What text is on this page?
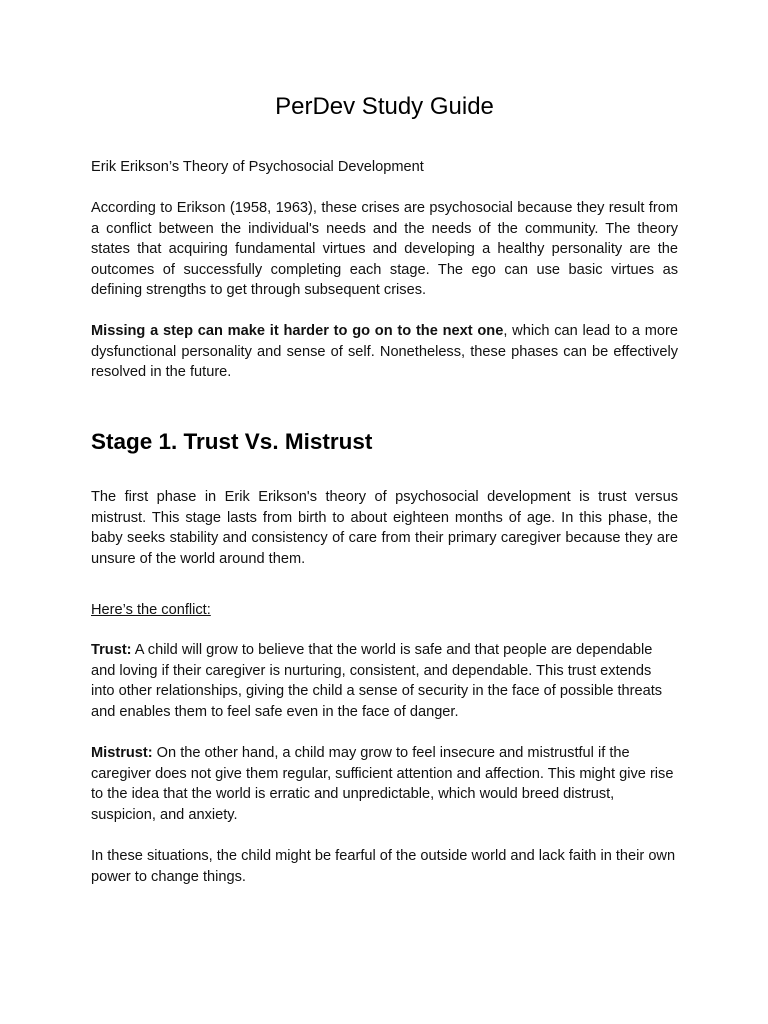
PerDev Study Guide

Erik Erikson’s Theory of Psychosocial Development

According to Erikson (1958, 1963), these crises are psychosocial because they result from a conflict between the individual's needs and the needs of the community. The theory states that acquiring fundamental virtues and developing a healthy personality are the outcomes of successfully completing each stage. The ego can use basic virtues as defining strengths to get through subsequent crises.

Missing a step can make it harder to go on to the next one, which can lead to a more dysfunctional personality and sense of self. Nonetheless, these phases can be effectively resolved in the future.

Stage 1. Trust Vs. Mistrust

The first phase in Erik Erikson's theory of psychosocial development is trust versus mistrust. This stage lasts from birth to about eighteen months of age. In this phase, the baby seeks stability and consistency of care from their primary caregiver because they are unsure of the world around them.

Here’s the conflict:

Trust: A child will grow to believe that the world is safe and that people are dependable and loving if their caregiver is nurturing, consistent, and dependable. This trust extends into other relationships, giving the child a sense of security in the face of possible threats and enables them to feel safe even in the face of danger.

Mistrust: On the other hand, a child may grow to feel insecure and mistrustful if the caregiver does not give them regular, sufficient attention and affection. This might give rise to the idea that the world is erratic and unpredictable, which would breed distrust, suspicion, and anxiety.

In these situations, the child might be fearful of the outside world and lack faith in their own power to change things.
